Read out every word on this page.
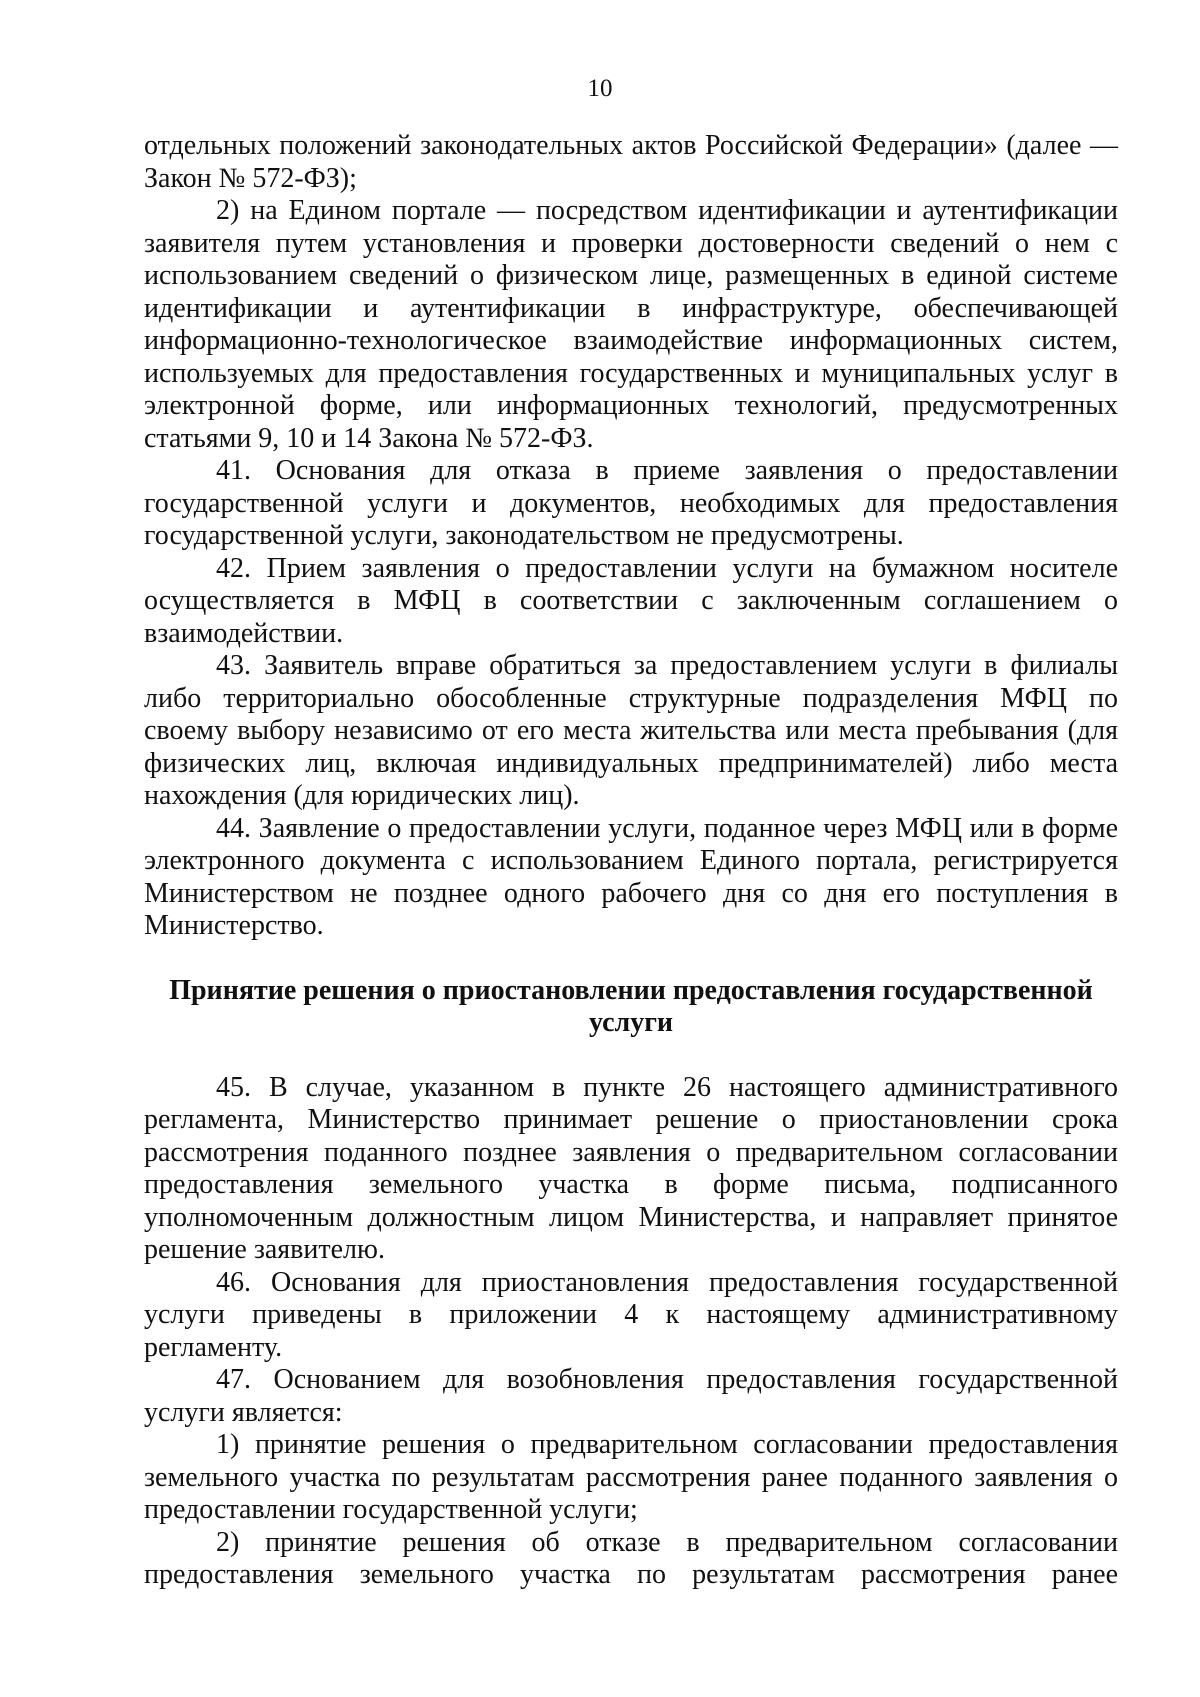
10

отдельных положений законодательных актов Российской Федерации» (далее — Закон № 572-ФЗ);

2) на Едином портале — посредством идентификации и аутентификации заявителя путем установления и проверки достоверности сведений о нем с использованием сведений о физическом лице, размещенных в единой системе идентификации и аутентификации в инфраструктуре, обеспечивающей информационно-технологическое взаимодействие информационных систем, используемых для предоставления государственных и муниципальных услуг в электронной форме, или информационных технологий, предусмотренных статьями 9, 10 и 14 Закона № 572-ФЗ.

41. Основания для отказа в приеме заявления о предоставлении государственной услуги и документов, необходимых для предоставления государственной услуги, законодательством не предусмотрены.

42. Прием заявления о предоставлении услуги на бумажном носителе осуществляется в МФЦ в соответствии с заключенным соглашением о взаимодействии.

43. Заявитель вправе обратиться за предоставлением услуги в филиалы либо территориально обособленные структурные подразделения МФЦ по своему выбору независимо от его места жительства или места пребывания (для физических лиц, включая индивидуальных предпринимателей) либо места нахождения (для юридических лиц).

44. Заявление о предоставлении услуги, поданное через МФЦ или в форме электронного документа с использованием Единого портала, регистрируется Министерством не позднее одного рабочего дня со дня его поступления в Министерство.

Принятие решения о приостановлении предоставления государственной
услуги

45. В случае, указанном в пункте 26 настоящего административного регламента, Министерство принимает решение о приостановлении срока рассмотрения поданного позднее заявления о предварительном согласовании предоставления земельного участка в форме письма, подписанного уполномоченным должностным лицом Министерства, и направляет принятое решение заявителю.

46. Основания для приостановления предоставления государственной услуги приведены в приложении 4 к настоящему административному регламенту.

47. Основанием для возобновления предоставления государственной услуги является:

1) принятие решения о предварительном согласовании предоставления земельного участка по результатам рассмотрения ранее поданного заявления о предоставлении государственной услуги;

2) принятие решения об отказе в предварительном согласовании предоставления земельного участка по результатам рассмотрения ранее
